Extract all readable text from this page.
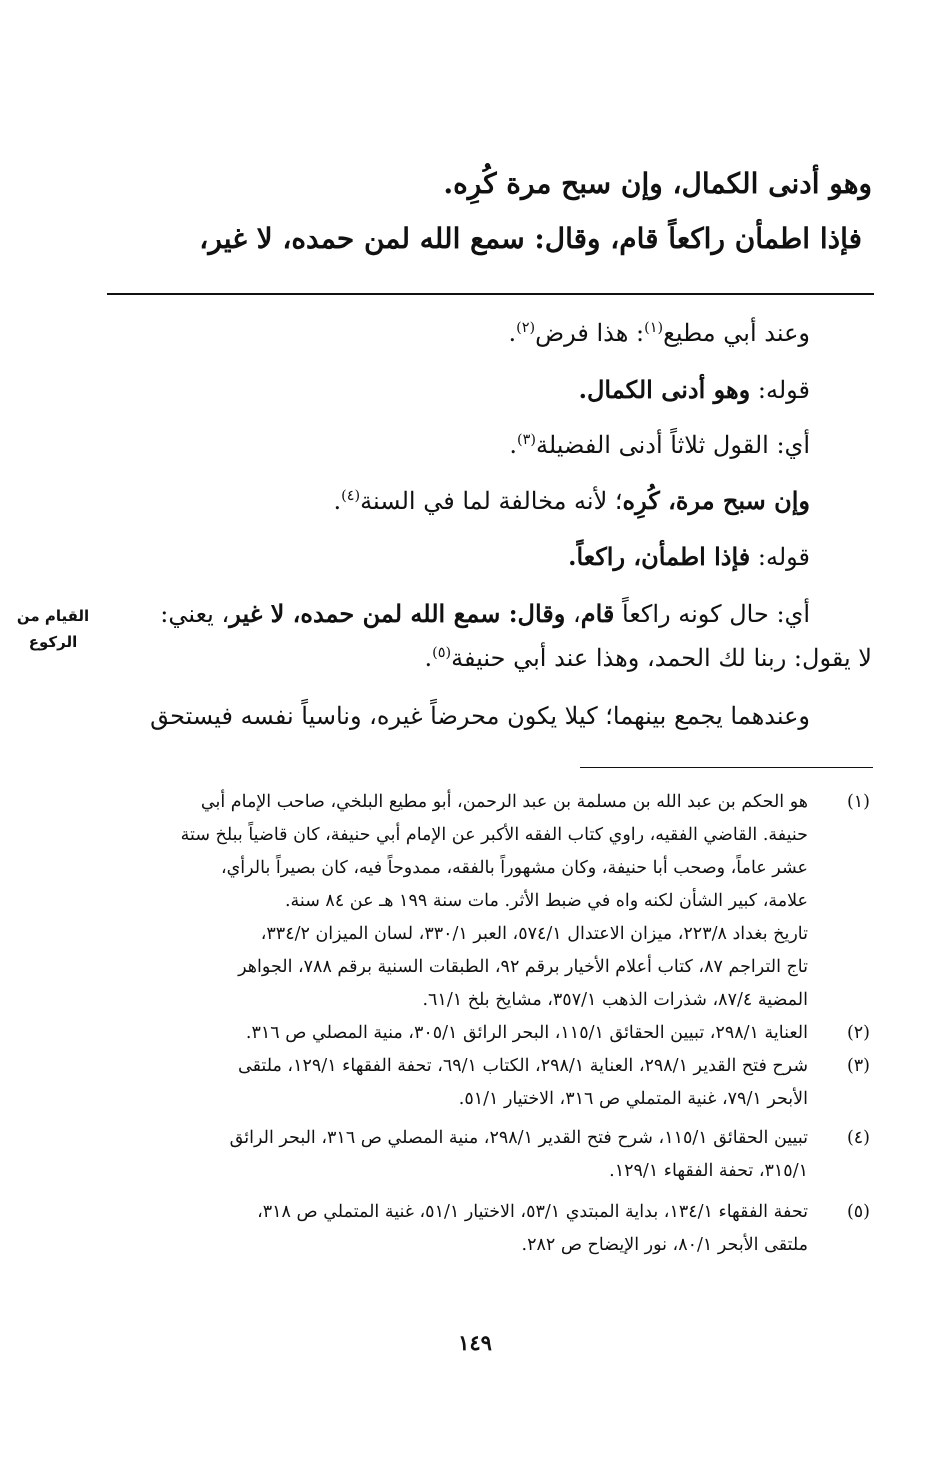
وهو أدنى الكمال، وإن سبح مرة كُرِه.
فإذا اطمأن راكعاً قام، وقال: سمع الله لمن حمده، لا غير،
وعند أبي مطيع$^{(١)}$: هذا فرض$^{(٢)}$.
قوله: وهو أدنى الكمال.
أي: القول ثلاثاً أدنى الفضيلة$^{(٣)}$.
وإن سبح مرة، كُرِه؛ لأنه مخالفة لما في السنة$^{(٤)}$.
قوله: فإذا اطمأن، راكعاً.
أي: حال كونه راكعاً قام، وقال: سمع الله لمن حمده، لا غير، يعني:
لا يقول: ربنا لك الحمد، وهذا عند أبي حنيفة$^{(٥)}$.
وعندهما يجمع بينهما؛ كيلا يكون محرضاً غيره، وناسياً نفسه فيستحق
القيام من
الركوع
(١)
هو الحكم بن عبد الله بن مسلمة بن عبد الرحمن، أبو مطيع البلخي، صاحب الإمام أبي
حنيفة. القاضي الفقيه، راوي كتاب الفقه الأكبر عن الإمام أبي حنيفة، كان قاضياً ببلخ ستة
عشر عاماً، وصحب أبا حنيفة، وكان مشهوراً بالفقه، ممدوحاً فيه، كان بصيراً بالرأي،
علامة، كبير الشأن لكنه واه في ضبط الأثر. مات سنة ١٩٩ هـ عن ٨٤ سنة.
تاريخ بغداد ٢٢٣/٨، ميزان الاعتدال ٥٧٤/١، العبر ٣٣٠/١، لسان الميزان ٣٣٤/٢،
تاج التراجم ٨٧، كتاب أعلام الأخيار برقم ٩٢، الطبقات السنية برقم ٧٨٨، الجواهر
المضية ٨٧/٤، شذرات الذهب ٣٥٧/١، مشايخ بلخ ٦١/١.
(٢)
العناية ٢٩٨/١، تبيين الحقائق ١١٥/١، البحر الرائق ٣٠٥/١، منية المصلي ص ٣١٦.
(٣)
شرح فتح القدير ٢٩٨/١، العناية ٢٩٨/١، الكتاب ٦٩/١، تحفة الفقهاء ١٢٩/١، ملتقى
الأبحر ٧٩/١، غنية المتملي ص ٣١٦، الاختيار ٥١/١.
(٤)
تبيين الحقائق ١١٥/١، شرح فتح القدير ٢٩٨/١، منية المصلي ص ٣١٦، البحر الرائق
٣١٥/١، تحفة الفقهاء ١٢٩/١.
(٥)
تحفة الفقهاء ١٣٤/١، بداية المبتدي ٥٣/١، الاختيار ٥١/١، غنية المتملي ص ٣١٨،
ملتقى الأبحر ٨٠/١، نور الإيضاح ص ٢٨٢.
١٤٩
